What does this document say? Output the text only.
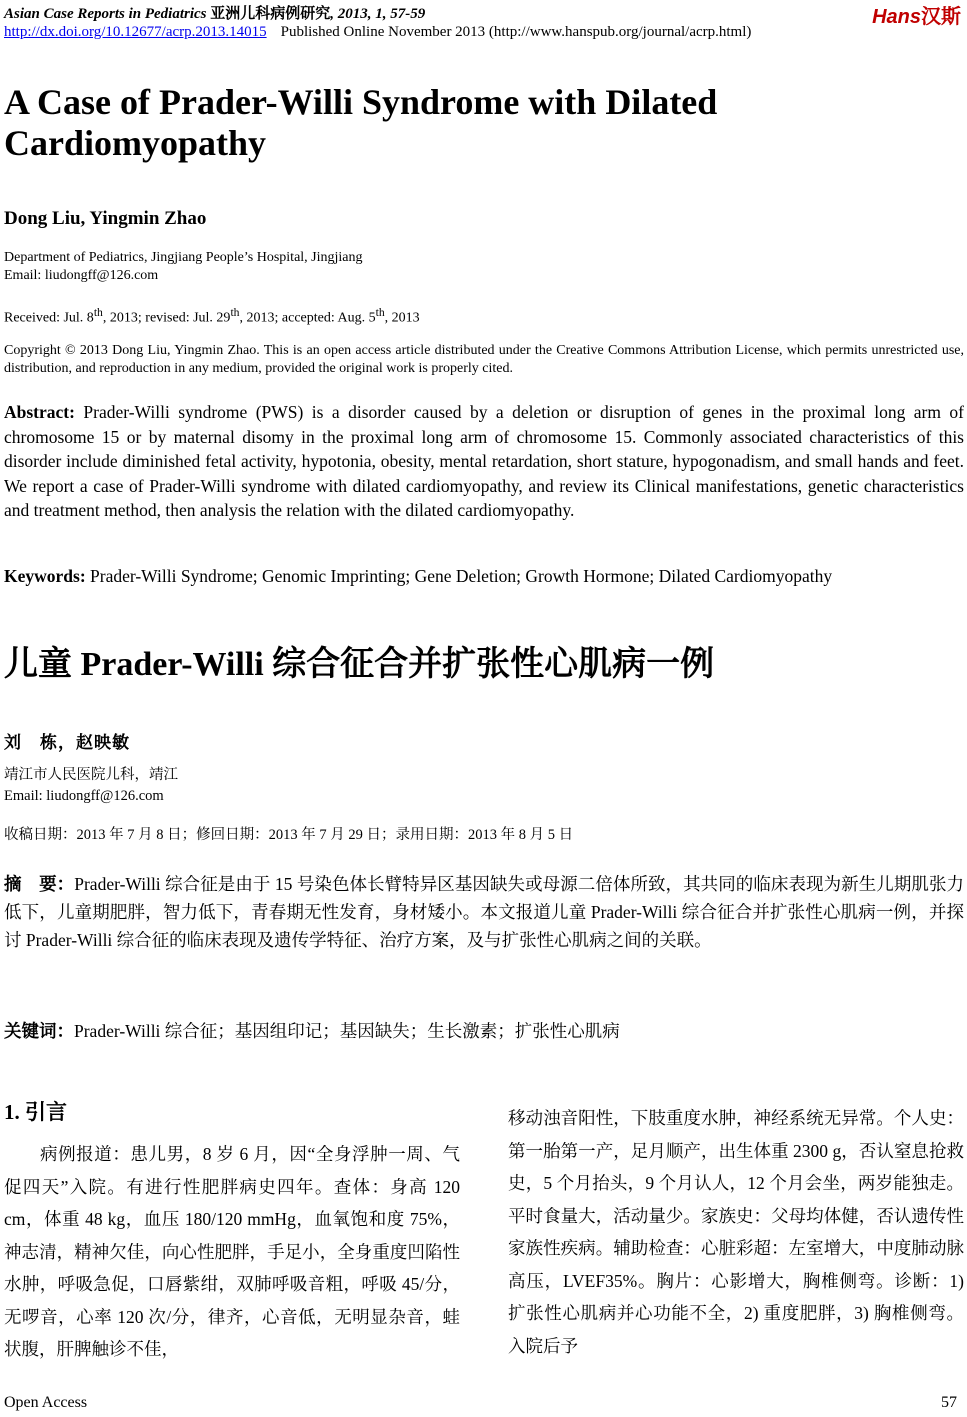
Asian Case Reports in Pediatrics 亚洲儿科病例研究, 2013, 1, 57-59
http://dx.doi.org/10.12677/acrp.2013.14015 Published Online November 2013 (http://www.hanspub.org/journal/acrp.html)
Hans汉斯
A Case of Prader-Willi Syndrome with Dilated Cardiomyopathy
Dong Liu, Yingmin Zhao
Department of Pediatrics, Jingjiang People’s Hospital, Jingjiang
Email: liudongff@126.com
Received: Jul. 8th, 2013; revised: Jul. 29th, 2013; accepted: Aug. 5th, 2013
Copyright © 2013 Dong Liu, Yingmin Zhao. This is an open access article distributed under the Creative Commons Attribution License, which permits unrestricted use, distribution, and reproduction in any medium, provided the original work is properly cited.
Abstract: Prader-Willi syndrome (PWS) is a disorder caused by a deletion or disruption of genes in the proximal long arm of chromosome 15 or by maternal disomy in the proximal long arm of chromosome 15. Commonly associated characteristics of this disorder include diminished fetal activity, hypotonia, obesity, mental retardation, short stature, hypogonadism, and small hands and feet. We report a case of Prader-Willi syndrome with dilated cardiomyopathy, and review its Clinical manifestations, genetic characteristics and treatment method, then analysis the relation with the dilated cardiomyopathy.
Keywords: Prader-Willi Syndrome; Genomic Imprinting; Gene Deletion; Growth Hormone; Dilated Cardiomyopathy
儿童 Prader-Willi 综合征合并扩张性心肌病一例
刘　栋，赵映敏
靖江市人民医院儿科，靖江
Email: liudongff@126.com
收稿日期：2013 年 7 月 8 日；修回日期：2013 年 7 月 29 日；录用日期：2013 年 8 月 5 日
摘　要：Prader-Willi 综合征是由于 15 号染色体长臂特异区基因缺失或母源二倍体所致，其共同的临床表现为新生儿期肌张力低下，儿童期肥胖，智力低下，青春期无性发育，身材矮小。本文报道儿童 Prader-Willi 综合征合并扩张性心肌病一例，并探讨 Prader-Willi 综合征的临床表现及遗传学特征、治疗方案，及与扩张性心肌病之间的关联。
关键词：Prader-Willi 综合征；基因组印记；基因缺失；生长激素；扩张性心肌病
1. 引言
病例报道：患儿男，8 岁 6 月，因“全身浮肿一周、气促四天”入院。有进行性肥胖病史四年。查体：身高 120 cm，体重 48 kg，血压 180/120 mmHg，血氧饱和度 75%，神志清，精神欠佳，向心性肥胖，手足小，全身重度凹陷性水肿，呼吸急促，口唇紫绀，双肺呼吸音粗，呼吸 45/分，无啰音，心率 120 次/分，律齐，心音低，无明显杂音，蛙状腹，肝脾触诊不佳，
移动浊音阳性，下肢重度水肿，神经系统无异常。个人史：第一胎第一产，足月顺产，出生体重 2300 g，否认窒息抢救史，5 个月抬头，9 个月认人，12 个月会坐，两岁能独走。平时食量大，活动量少。家族史：父母均体健，否认遗传性家族性疾病。辅助检查：心脏彩超：左室增大，中度肺动脉高压，LVEF35%。胸片：心影增大，胸椎侧弯。诊断：1) 扩张性心肌病并心功能不全，2) 重度肥胖，3) 胸椎侧弯。入院后予
Open Access	57
